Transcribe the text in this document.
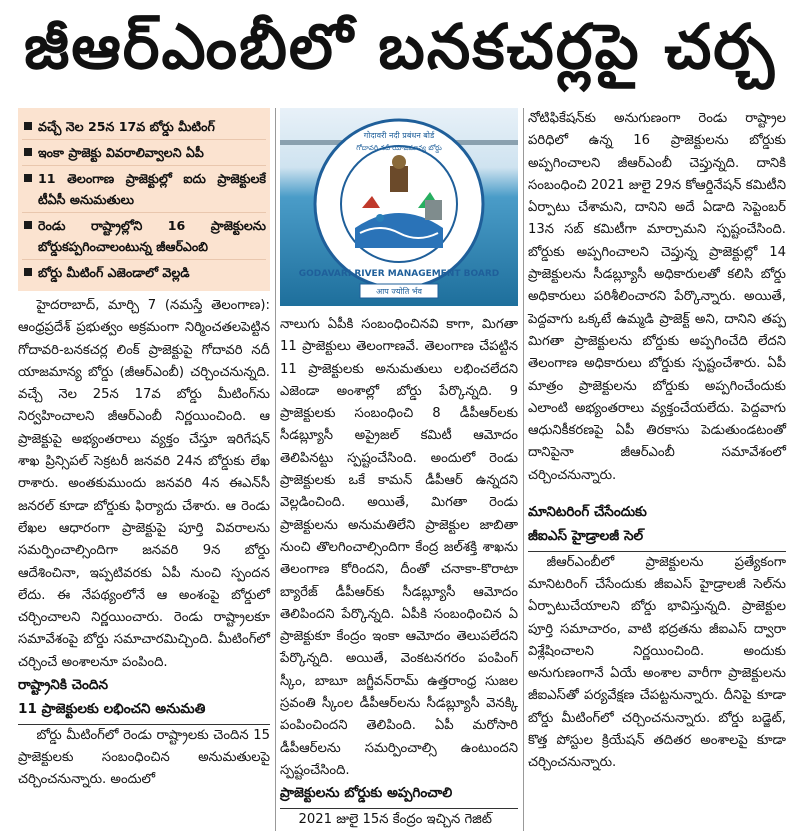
జీఆర్ఎంబీలో బనకచర్లపై చర్చ
వచ్చే నెల 25న 17వ బోర్డు మీటింగ్
ఇంకా ప్రాజెక్టు వివరాలివ్వాలని ఏపీ
11 తెలంగాణ ప్రాజెక్టుల్లో ఐదు ప్రాజెక్టులకే టీఏసీ అనుమతులు
రెండు రాష్ట్రాల్లోని 16 ప్రాజెక్టులను బోర్డుకప్పగించాలంటున్న జీఆర్ఎంబి
బోర్డు మీటింగ్ ఎజెండాలో వెల్లడి

హైదరాబాద్, మార్చి 7 (నమస్తే తెలంగాణ): ఆంధ్రప్రదేశ్ ప్రభుత్వం అక్రమంగా నిర్మించతలపెట్టిన గోదావరి-బనకచర్ల లింక్ ప్రాజెక్టుపై గోదావరి నదీ యాజమాన్య బోర్డు (జీఆర్ఎంబీ) చర్చించనున్నది. వచ్చే నెల 25న 17వ బోర్డు మీటింగ్‌ను నిర్వహించాలని జీఆర్ఎంబీ నిర్ణయించింది. ఆ ప్రాజెక్టుపై అభ్యంతరాలు వ్యక్తం చేస్తూ ఇరిగేషన్ శాఖ ప్రిన్సిపల్ సెక్రటరీ జనవరి 24న బోర్డుకు లేఖ రాశారు. అంతకుముందు జనవరి 4న ఈఎన్‌సీ జనరల్ కూడా బోర్డుకు ఫిర్యాదు చేశారు. ఆ రెండు లేఖల ఆధారంగా ప్రాజెక్టుపై పూర్తి వివరాలను సమర్పించాల్సిందిగా జనవరి 9న బోర్డు ఆదేశించినా, ఇప్పటివరకు ఏపీ నుంచి స్పందన లేదు. ఈ నేపథ్యంలోనే ఆ అంశంపై బోర్డులో చర్చించాలని నిర్ణయించారు. రెండు రాష్ట్రాలకూ సమావేశంపై బోర్డు సమాచారమిచ్చింది. మీటింగ్‌లో చర్చించే అంశాలనూ పంపింది.

రాష్ట్రానికి చెందిన

11 ప్రాజెక్టులకు లభించని అనుమతి

బోర్డు మీటింగ్‌లో రెండు రాష్ట్రాలకు చెందిన 15 ప్రాజెక్టులకు సంబంధించిన అనుమతులపై చర్చించనున్నారు. అందులో

GODAVARI RIVER MANAGEMENT BOARD
गोदावरी नदी प्रबंधन बोर्ड
గోదావరి నదీ యాజమాన్య బోర్డు
आप ज्योति र्भव

నాలుగు ఏపీకి సంబంధించినవి కాగా, మిగతా 11 ప్రాజెక్టులు తెలంగాణవే. తెలంగాణ చేపట్టిన 11 ప్రాజెక్టులకు అనుమతులు లభించలేదని ఎజెండా అంశాల్లో బోర్డు పేర్కొన్నది. 9 ప్రాజెక్టులకు సంబంధించి 8 డీపీఆర్‌లకు సీడబ్ల్యూసీ అప్రైజల్ కమిటీ ఆమోదం తెలిపినట్టు స్పష్టంచేసింది. అందులో రెండు ప్రాజెక్టులకు ఒకే కామన్ డీపీఆర్ ఉన్నదని వెల్లడించింది. అయితే, మిగతా రెండు ప్రాజెక్టులను అనుమతిలేని ప్రాజెక్టుల జాబితా నుంచి తొలగించాల్సిందిగా కేంద్ర జల్‌శక్తి శాఖను తెలంగాణ కోరిందని, దీంతో చనాకా-కొరాటా బ్యారేజ్ డీపీఆర్‌కు సీడబ్ల్యూసీ ఆమోదం తెలిపిందని పేర్కొన్నది. ఏపీకి సంబంధించిన ఏ ప్రాజెక్టుకూ కేంద్రం ఇంకా ఆమోదం తెలుపలేదని పేర్కొన్నది. అయితే, వెంకటనగరం పంపింగ్ స్కీం, బాబూ జగ్జీవన్‌రామ్ ఉత్తరాంధ్ర సుజల స్రవంతి స్కీంల డీపీఆర్‌లను సీడబ్ల్యూసీ వెనక్కి పంపించిందని తెలిపింది. ఏపీ మరోసారి డీపీఆర్‌లను సమర్పించాల్సి ఉంటుందని స్పష్టంచేసింది.

ప్రాజెక్టులను బోర్డుకు అప్పగించాలి

2021 జులై 15న కేంద్రం ఇచ్చిన గెజిట్

నోటిఫికేషన్‌కు అనుగుణంగా రెండు రాష్ట్రాల పరిధిలో ఉన్న 16 ప్రాజెక్టులను బోర్డుకు అప్పగించాలని జీఆర్ఎంబీ చెప్తున్నది. దానికి సంబంధించి 2021 జులై 29న కోఆర్డినేషన్ కమిటీని ఏర్పాటు చేశామని, దానిని అదే ఏడాది సెప్టెంబర్ 13న సబ్ కమిటీగా మార్చామని స్పష్టంచేసింది. బోర్డుకు అప్పగించాలని చెప్తున్న ప్రాజెక్టుల్లో 14 ప్రాజెక్టులను సీడబ్ల్యూసీ అధికారులతో కలిసి బోర్డు అధికారులు పరిశీలించారని పేర్కొన్నారు. అయితే, పెద్దవాగు ఒక్కటే ఉమ్మడి ప్రాజెక్ట్ అని, దానిని తప్ప మిగతా ప్రాజెక్టులను బోర్డుకు అప్పగించేది లేదని తెలంగాణ అధికారులు బోర్డుకు స్పష్టంచేశారు. ఏపీ మాత్రం ప్రాజెక్టులను బోర్డుకు అప్పగించేందుకు ఎలాంటి అభ్యంతరాలు వ్యక్తంచేయలేదు. పెద్దవాగు ఆధునికీకరణపై ఏపీ తిరకాసు పెడుతుండటంతో దానిపైనా జీఆర్ఎంబీ సమావేశంలో చర్చించనున్నారు.

మానిటరింగ్ చేసేందుకు

జీఐఎస్ హైడ్రాలజీ సెల్

జీఆర్ఎంబీలో ప్రాజెక్టులను ప్రత్యేకంగా మానిటరింగ్ చేసేందుకు జీఐఎస్ హైడ్రాలజీ సెల్‌ను ఏర్పాటుచేయాలని బోర్డు భావిస్తున్నది. ప్రాజెక్టుల పూర్తి సమాచారం, వాటి భద్రతను జీఐఎస్ ద్వారా విశ్లేషించాలని నిర్ణయించింది. అందుకు అనుగుణంగానే ఏయే అంశాల వారీగా ప్రాజెక్టులను జీఐఎస్‌తో పర్యవేక్షణ చేపట్టనున్నారు. దీనిపై కూడా బోర్డు మీటింగ్‌లో చర్చించనున్నారు. బోర్డు బడ్జెట్, కొత్త పోస్టుల క్రియేషన్ తదితర అంశాలపై కూడా చర్చించనున్నారు.
